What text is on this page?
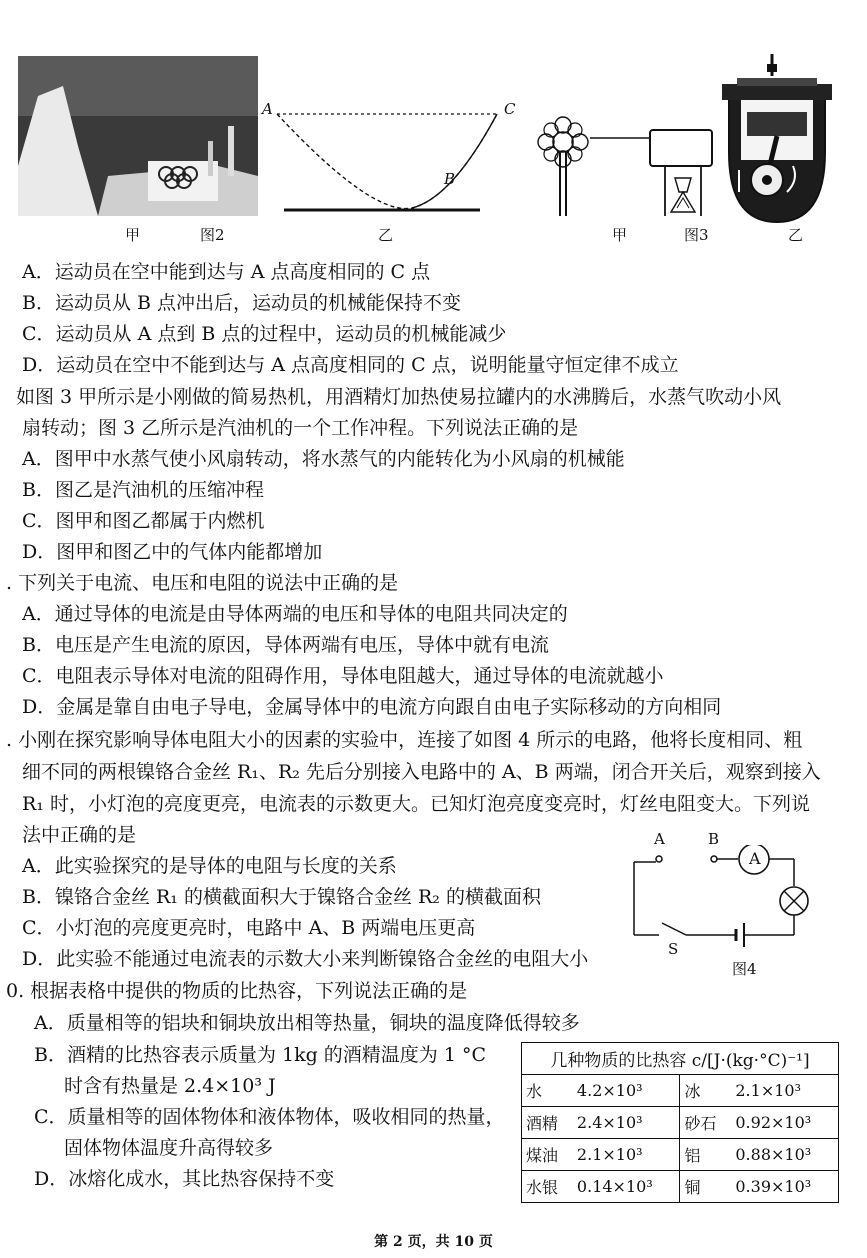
甲	图2
A	C
B
乙	甲	图3	乙
A．运动员在空中能到达与 A 点高度相同的 C 点
B．运动员从 B 点冲出后，运动员的机械能保持不变
C．运动员从 A 点到 B 点的过程中，运动员的机械能减少
D．运动员在空中不能到达与 A 点高度相同的 C 点，说明能量守恒定律不成立
如图 3 甲所示是小刚做的简易热机，用酒精灯加热使易拉罐内的水沸腾后，水蒸气吹动小风
扇转动；图 3 乙所示是汽油机的一个工作冲程。下列说法正确的是
A．图甲中水蒸气使小风扇转动，将水蒸气的内能转化为小风扇的机械能
B．图乙是汽油机的压缩冲程
C．图甲和图乙都属于内燃机
D．图甲和图乙中的气体内能都增加
. 下列关于电流、电压和电阻的说法中正确的是
A．通过导体的电流是由导体两端的电压和导体的电阻共同决定的
B．电压是产生电流的原因，导体两端有电压，导体中就有电流
C．电阻表示导体对电流的阻碍作用，导体电阻越大，通过导体的电流就越小
D．金属是靠自由电子导电，金属导体中的电流方向跟自由电子实际移动的方向相同
. 小刚在探究影响导体电阻大小的因素的实验中，连接了如图 4 所示的电路，他将长度相同、粗
细不同的两根镍铬合金丝 R₁、R₂ 先后分别接入电路中的 A、B 两端，闭合开关后，观察到接入
R₁ 时，小灯泡的亮度更亮，电流表的示数更大。已知灯泡亮度变亮时，灯丝电阻变大。下列说
法中正确的是
A．此实验探究的是导体的电阻与长度的关系
B．镍铬合金丝 R₁ 的横截面积大于镍铬合金丝 R₂ 的横截面积
C．小灯泡的亮度更亮时，电路中 A、B 两端电压更高
D．此实验不能通过电流表的示数大小来判断镍铬合金丝的电阻大小
A	B
A
S
图4
0. 根据表格中提供的物质的比热容，下列说法正确的是
A．质量相等的铝块和铜块放出相等热量，铜块的温度降低得较多
B．酒精的比热容表示质量为 1kg 的酒精温度为 1 °C
时含有热量是 2.4×10³ J
C．质量相等的固体物体和液体物体，吸收相同的热量，
固体物体温度升高得较多
D．冰熔化成水，其比热容保持不变
几种物质的比热容 c/[J·(kg·°C)⁻¹]			
水	4.2×10³	冰	2.1×10³
酒精	2.4×10³	砂石	0.92×10³
煤油	2.1×10³	铝	0.88×10³
水银	0.14×10³	铜	0.39×10³
第 2 页，共 10 页
